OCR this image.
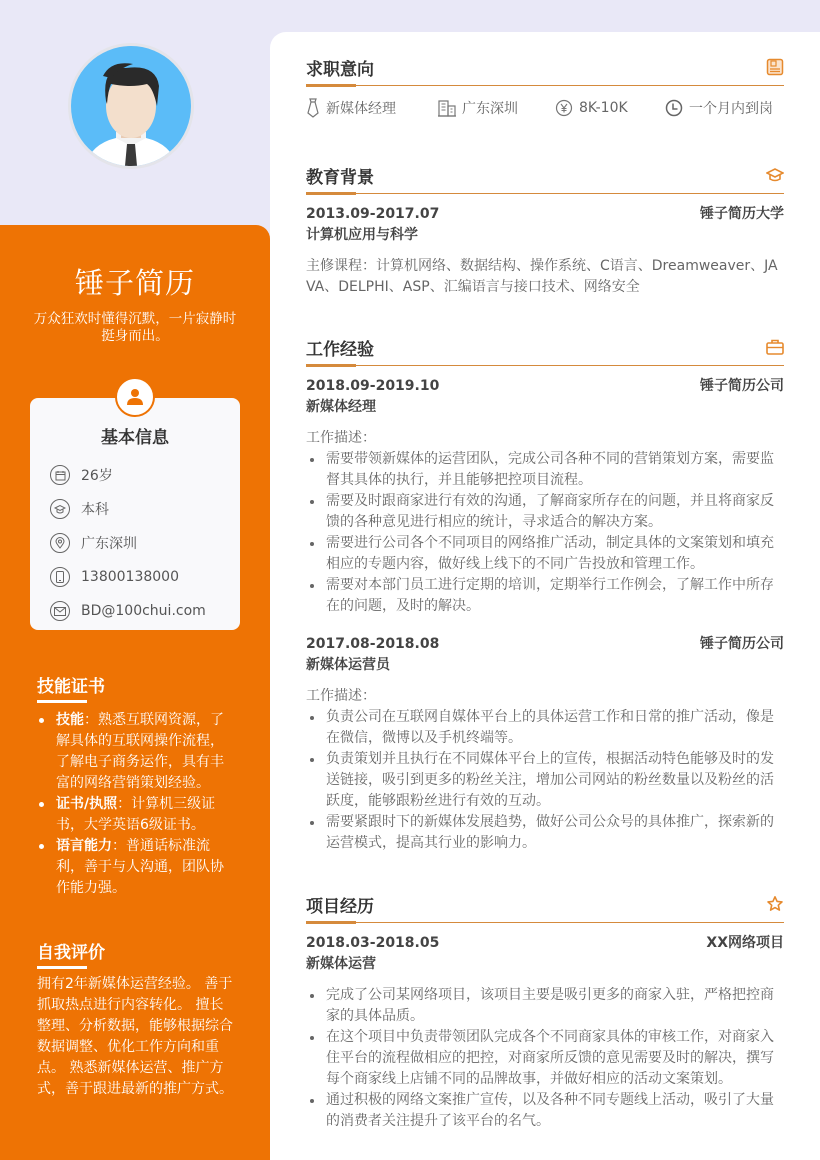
锤子简历
万众狂欢时懂得沉默，一片寂静时挺身而出。
基本信息
26岁
本科
广东深圳
13800138000
BD@100chui.com
技能证书
技能：熟悉互联网资源，了解具体的互联网操作流程，了解电子商务运作，具有丰富的网络营销策划经验。
证书/执照：计算机三级证书，大学英语6级证书。
语言能力：普通话标准流利，善于与人沟通，团队协作能力强。
自我评价
拥有2年新媒体运营经验。 善于抓取热点进行内容转化。 擅长整理、分析数据，能够根据综合数据调整、优化工作方向和重点。 熟悉新媒体运营、推广方式，善于跟进最新的推广方式。
求职意向
新媒体经理	广东深圳	8K-10K	一个月内到岗
教育背景
2013.09-2017.07	锤子简历大学
计算机应用与科学
主修课程：计算机网络、数据结构、操作系统、C语言、Dreamweaver、JAVA、DELPHI、ASP、汇编语言与接口技术、网络安全
工作经验
2018.09-2019.10	锤子简历公司
新媒体经理
工作描述：
需要带领新媒体的运营团队，完成公司各种不同的营销策划方案，需要监督其具体的执行，并且能够把控项目流程。
需要及时跟商家进行有效的沟通，了解商家所存在的问题，并且将商家反馈的各种意见进行相应的统计，寻求适合的解决方案。
需要进行公司各个不同项目的网络推广活动，制定具体的文案策划和填充相应的专题内容，做好线上线下的不同广告投放和管理工作。
需要对本部门员工进行定期的培训，定期举行工作例会，了解工作中所存在的问题，及时的解决。
2017.08-2018.08	锤子简历公司
新媒体运营员
工作描述：
负责公司在互联网自媒体平台上的具体运营工作和日常的推广活动，像是在微信，微博以及手机终端等。
负责策划并且执行在不同媒体平台上的宣传，根据活动特色能够及时的发送链接，吸引到更多的粉丝关注，增加公司网站的粉丝数量以及粉丝的活跃度，能够跟粉丝进行有效的互动。
需要紧跟时下的新媒体发展趋势，做好公司公众号的具体推广，探索新的运营模式，提高其行业的影响力。
项目经历
2018.03-2018.05	XX网络项目
新媒体运营
完成了公司某网络项目，该项目主要是吸引更多的商家入驻，严格把控商家的具体品质。
在这个项目中负责带领团队完成各个不同商家具体的审核工作，对商家入住平台的流程做相应的把控，对商家所反馈的意见需要及时的解决，撰写每个商家线上店铺不同的品牌故事，并做好相应的活动文案策划。
通过积极的网络文案推广宣传，以及各种不同专题线上活动，吸引了大量的消费者关注提升了该平台的名气。
